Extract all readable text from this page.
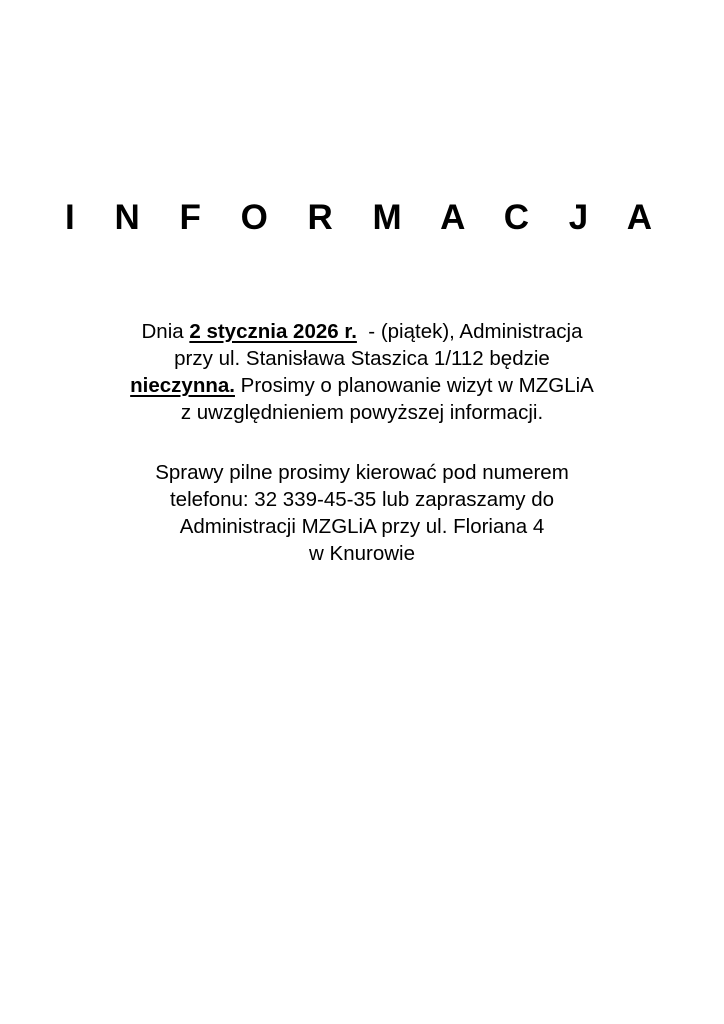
I N F O R M A C J A
Dnia 2 stycznia 2026 r.  - (piątek), Administracja
przy ul. Stanisława Staszica 1/112 będzie
nieczynna. Prosimy o planowanie wizyt w MZGLiA
z uwzględnieniem powyższej informacji.
Sprawy pilne prosimy kierować pod numerem
telefonu: 32 339-45-35 lub zapraszamy do
Administracji MZGLiA przy ul. Floriana 4
w Knurowie
